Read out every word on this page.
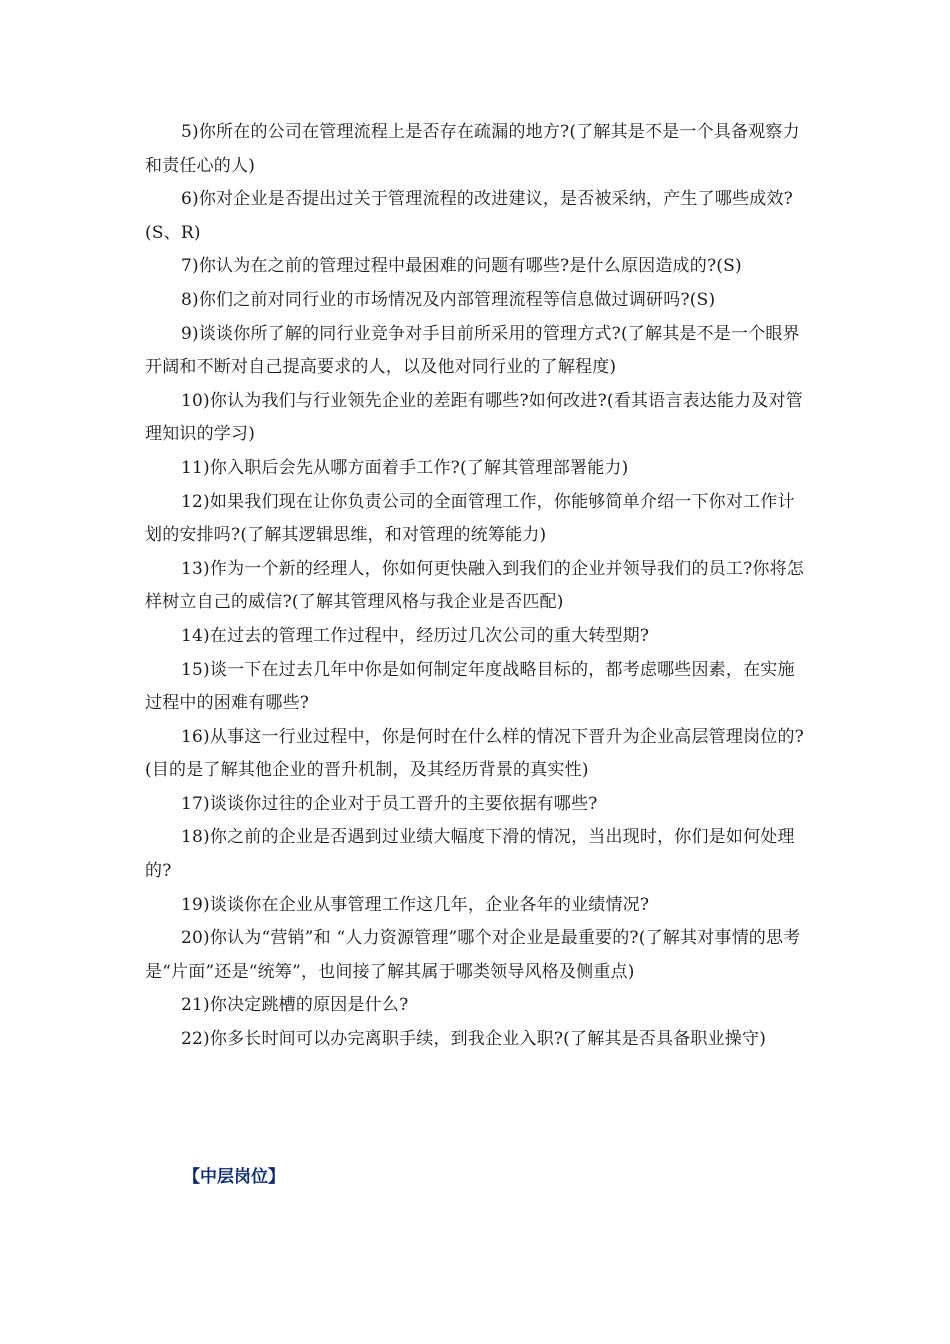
5)你所在的公司在管理流程上是否存在疏漏的地方?(了解其是不是一个具备观察力和责任心的人)

6)你对企业是否提出过关于管理流程的改进建议，是否被采纳，产生了哪些成效?(S、R)

7)你认为在之前的管理过程中最困难的问题有哪些?是什么原因造成的?(S)

8)你们之前对同行业的市场情况及内部管理流程等信息做过调研吗?(S)

9)谈谈你所了解的同行业竞争对手目前所采用的管理方式?(了解其是不是一个眼界开阔和不断对自己提高要求的人，以及他对同行业的了解程度)

10)你认为我们与行业领先企业的差距有哪些?如何改进?(看其语言表达能力及对管理知识的学习)

11)你入职后会先从哪方面着手工作?(了解其管理部署能力)

12)如果我们现在让你负责公司的全面管理工作，你能够简单介绍一下你对工作计划的安排吗?(了解其逻辑思维，和对管理的统筹能力)

13)作为一个新的经理人，你如何更快融入到我们的企业并领导我们的员工?你将怎样树立自己的威信?(了解其管理风格与我企业是否匹配)

14)在过去的管理工作过程中，经历过几次公司的重大转型期?

15)谈一下在过去几年中你是如何制定年度战略目标的，都考虑哪些因素，在实施过程中的困难有哪些?

16)从事这一行业过程中，你是何时在什么样的情况下晋升为企业高层管理岗位的?(目的是了解其他企业的晋升机制，及其经历背景的真实性)

17)谈谈你过往的企业对于员工晋升的主要依据有哪些?

18)你之前的企业是否遇到过业绩大幅度下滑的情况，当出现时，你们是如何处理的?

19)谈谈你在企业从事管理工作这几年，企业各年的业绩情况?

20)你认为“营销”和 “人力资源管理”哪个对企业是最重要的?(了解其对事情的思考是“片面”还是“统筹”，也间接了解其属于哪类领导风格及侧重点)

21)你决定跳槽的原因是什么?

22)你多长时间可以办完离职手续，到我企业入职?(了解其是否具备职业操守)

【中层岗位】
